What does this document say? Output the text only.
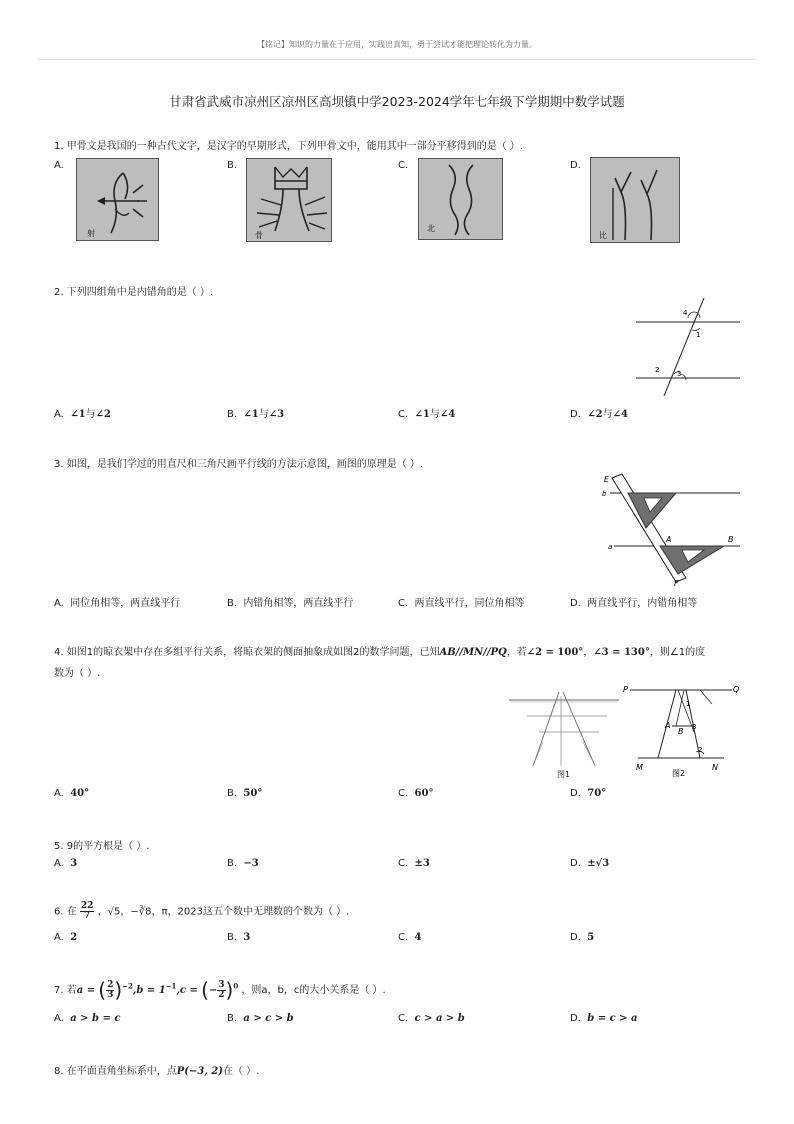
【铭记】知识的力量在于应用，实践出真知，勇于尝试才能把理论转化为力量。
甘肃省武威市凉州区凉州区高坝镇中学2023-2024学年七年级下学期期中数学试题
1. 甲骨文是我国的一种古代文字，是汉字的早期形式，下列甲骨文中，能用其中一部分平移得到的是（ ）.
A.
射
B.
骨
C.
北
D.
比
2. 下列四组角中是内错角的是（ ）.
4
1
2	3
A. ∠1与∠2	B. ∠1与∠3	C. ∠1与∠4	D. ∠2与∠4
3. 如图，是我们学过的用直尺和三角尺画平行线的方法示意图，画图的原理是（ ）.
E
b
a
A	B
F
A. 同位角相等，两直线平行	B. 内错角相等，两直线平行	C. 两直线平行，同位角相等	D. 两直线平行，内错角相等
4. 如图1的晾衣架中存在多组平行关系，将晾衣架的侧面抽象成如图2的数学问题，已知AB//MN//PQ，若∠2 = 100°，∠3 = 130°，则∠1的度
数为（ ）.
图1
P	Q
A
B
1
2
3
M	N
图2
A. 40°	B. 50°	C. 60°	D. 70°
5. 9的平方根是（ ）.
A. 3	B. −3	C. ±3	D. ±√3
6. 在 $\frac{22}{7}$ ，√5，−∛8，π，2023这五个数中无理数的个数为（ ）.
A. 2	B. 3	C. 4	D. 5
7. 若a = ( $\frac{2}{3} )^{-2},b = 1^{-1},c$ = (− $\frac{3}{2} )^0$ ，则a，b，c的大小关系是（ ）.
A. a > b = c	B. a > c > b	C. c > a > b	D. b = c > a
8. 在平面直角坐标系中，点P(−3, 2)在（ ）.
